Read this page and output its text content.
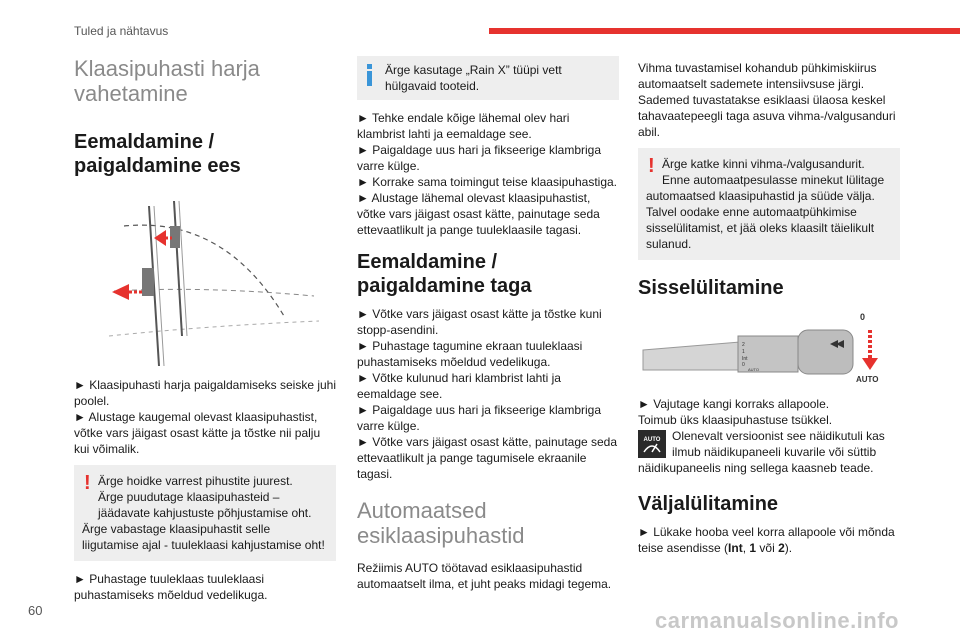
Tuled ja nähtavus
Klaasipuhasti harja vahetamine
Eemaldamine / paigaldamine ees

► Klaasipuhasti harja paigaldamiseks seiske juhi poolel.

► Alustage kaugemal olevast klaasipuhastist, võtke vars jäigast osast kätte ja tõstke nii palju kui võimalik.

! Ärge hoidke varrest pihustite juurest.

Ärge puudutage klaasipuhasteid – jäädavate kahjustuste põhjustamise oht.

Ärge vabastage klaasipuhastit selle liigutamise ajal - tuuleklaasi kahjustamise oht!

► Puhastage tuuleklaas tuuleklaasi puhastamiseks mõeldud vedelikuga.

Ärge kasutage „Rain X” tüüpi vett hülgavaid tooteid.

► Tehke endale kõige lähemal olev hari klambrist lahti ja eemaldage see.

► Paigaldage uus hari ja fikseerige klambriga varre külge.

► Korrake sama toimingut teise klaasipuhastiga.

► Alustage lähemal olevast klaasipuhastist, võtke vars jäigast osast kätte, painutage seda ettevaatlikult ja pange tuuleklaasile tagasi.

Eemaldamine / paigaldamine taga

► Võtke vars jäigast osast kätte ja tõstke kuni stopp-asendini.

► Puhastage tagumine ekraan tuuleklaasi puhastamiseks mõeldud vedelikuga.

► Võtke kulunud hari klambrist lahti ja eemaldage see.

► Paigaldage uus hari ja fikseerige klambriga varre külge.

► Võtke vars jäigast osast kätte, painutage seda ettevaatlikult ja pange tagumisele ekraanile tagasi.

Automaatsed esiklaasipuhastid

Režiimis AUTO töötavad esiklaasipuhastid automaatselt ilma, et juht peaks midagi tegema.

Vihma tuvastamisel kohandub pühkimiskiirus automaatselt sademete intensiivsuse järgi. Sademed tuvastatakse esiklaasi ülaosa keskel tahavaatepeegli taga asuva vihma-/valgusanduri abil.

! Ärge katke kinni vihma-/valgusandurit.

Enne automaatpesulasse minekut lülitage automaatsed klaasipuhastid ja süüde välja.

Talvel oodake enne automaatpühkimise sisselülitamist, et jää oleks klaasilt täielikult sulanud.

Sisselülitamine
2
1
Int
0
AUTO
0
AUTO

► Vajutage kangi korraks allapoole.

Toimub üks klaasipuhastuse tsükkel.

AUTO Olenevalt versioonist see näidikutuli kas ilmub näidikupaneeli kuvarile või süttib näidikupaneelis ning sellega kaasneb teade.
Väljalülitamine

► Lükake hooba veel korra allapoole või mõnda teise asendisse (Int, 1 või 2).

60	carmanualsonline.info
